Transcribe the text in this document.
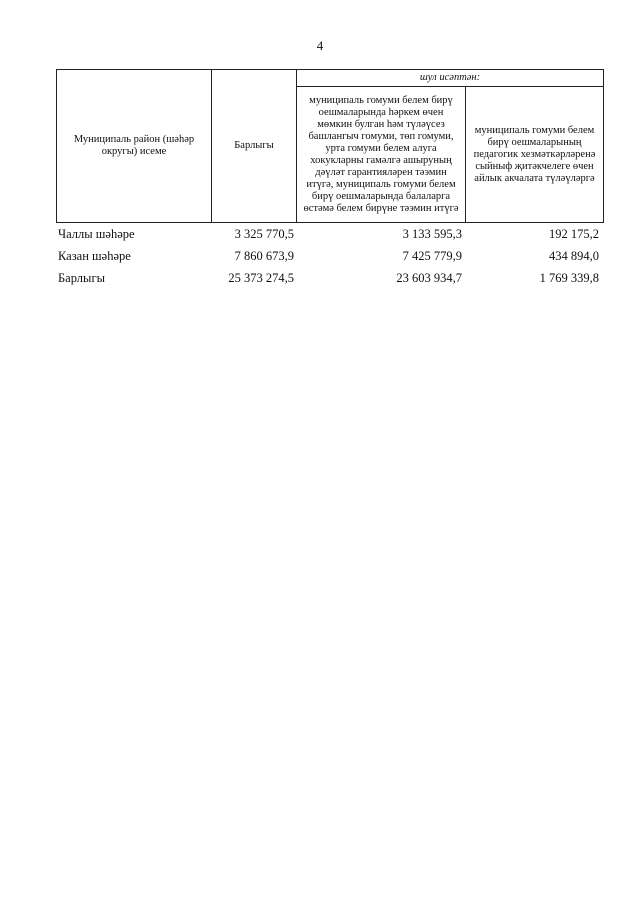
4
Муниципаль район (шәһәр округы) исеме	Барлыгы	шул исәптән:	

		муниципаль гомуми белем бирү оешмаларында һәркем өчен мөмкин булган һәм түләүсез башлангыч гомуми, төп гомуми, урта гомуми белем алуга хокукларны гамәлгә ашыруның дәүләт гарантияләрен тәэмин итүгә, муниципаль гомуми белем бирү оешмаларында балаларга өстәмә белем бирүне тәэмин итүгә	муниципаль гомуми белем бирү оешмаларының педагогик хезмәткәрләренә сыйныф җитәкчелеге өчен айлык акчалата түләүләргә
Чаллы шәһәре	3 325 770,5	3 133 595,3	192 175,2
Казан шәһәре	7 860 673,9	7 425 779,9	434 894,0
Барлыгы	25 373 274,5	23 603 934,7	1 769 339,8
